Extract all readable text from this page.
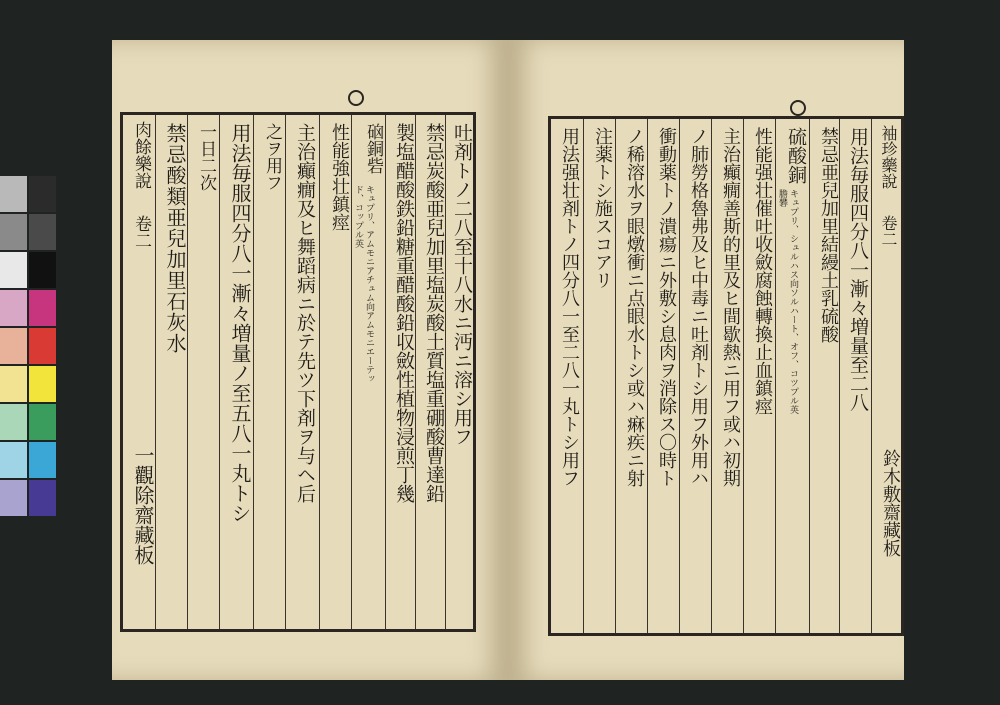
肉餘樂說
卷二
一觀除齋藏板
禁忌酸類亜兒加里石灰水 一日二次 用法毎服四分八一漸々増量ノ至五八一丸トシ 之ヲ用フ 主治癲癇及ヒ舞蹈病ニ於テ先ツ下剤ヲ与ヘ后 性能強壮鎮痙 硇銅砦
キュプリ、アムモニアチュム向アムモニエーテッド、コップル英	製塩醋酸鉄鉛糖重醋酸鉛収斂性植物浸煎丁幾 禁忌炭酸亜兒加里塩炭酸土質塩重硼酸曹達鉛 吐剤トノ二八至十八水ニ沔ニ溶シ用フ	用法强壮剤トノ四分八一至二八一丸トシ用フ 注薬トシ施スコアリ ノ稀溶水ヲ眼燉衝ニ点眼水トシ或ハ痳疾ニ射 衝動薬トノ潰瘍ニ外敷シ息肉ヲ消除ス〇時ト ノ肺勞格魯弗及ヒ中毒ニ吐剤トシ用フ外用ハ 主治癲癇善斯的里及ヒ間歇熱ニ用フ或ハ初期 性能强壮催吐收斂腐蝕轉換止血鎮痙 硫酸銅
キュプリ、シュルハス向ソルハート、オフ、コツプル英膽礬	禁忌亜兒加里結縵土乳硫酸 用法毎服四分八一漸々増量至二八 袖珍藥說
卷二
鈴木敷齋藏板
